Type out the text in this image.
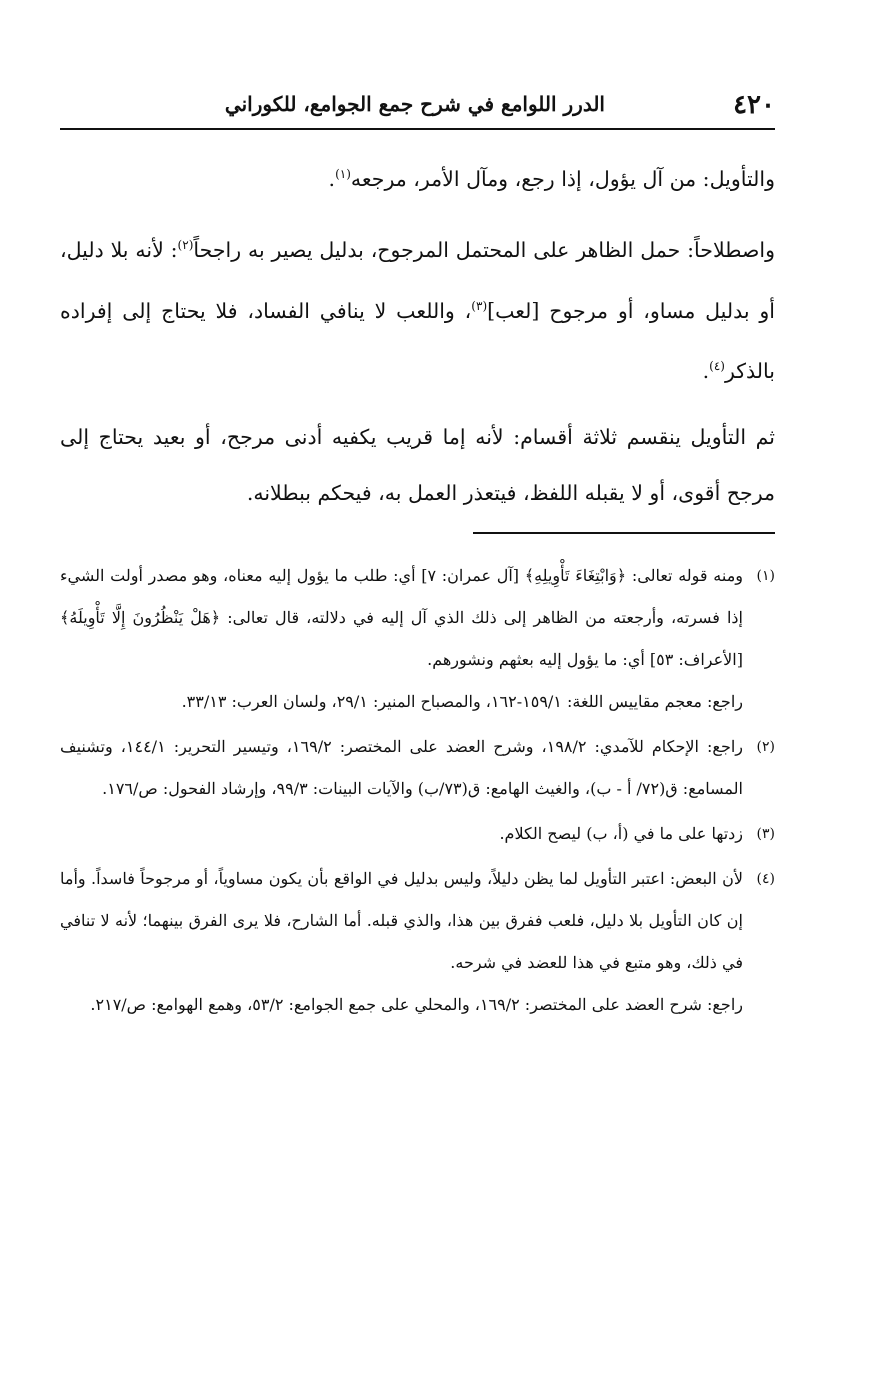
٤٢٠
الدرر اللوامع في شرح جمع الجوامع، للكوراني

والتأويل: من آل يؤول، إذا رجع، ومآل الأمر، مرجعه$^{(١)}$.

واصطلاحاً: حمل الظاهر على المحتمل المرجوح، بدليل يصير به راجحاً$^{(٢)}$: لأنه بلا دليل، أو بدليل مساو، أو مرجوح [لعب]$^{(٣)}$، واللعب لا ينافي الفساد، فلا يحتاج إلى إفراده بالذكر$^{(٤)}$.

ثم التأويل ينقسم ثلاثة أقسام: لأنه إما قريب يكفيه أدنى مرجح، أو بعيد يحتاج إلى مرجح أقوى، أو لا يقبله اللفظ، فيتعذر العمل به، فيحكم ببطلانه.

(١)

ومنه قوله تعالى: ﴿وَابْتِغَاءَ تَأْوِيلِهِ﴾ [آل عمران: ٧] أي: طلب ما يؤول إليه معناه، وهو مصدر أولت الشيء إذا فسرته، وأرجعته من الظاهر إلى ذلك الذي آل إليه في دلالته، قال تعالى: ﴿هَلْ يَنْظُرُونَ إِلَّا تَأْوِيلَهُ﴾ [الأعراف: ٥٣] أي: ما يؤول إليه بعثهم ونشورهم.

راجع: معجم مقاييس اللغة: ١٥٩/١-١٦٢، والمصباح المنير: ٢٩/١، ولسان العرب: ٣٣/١٣.

(٢)

راجع: الإحكام للآمدي: ١٩٨/٢، وشرح العضد على المختصر: ١٦٩/٢، وتيسير التحرير: ١٤٤/١، وتشنيف المسامع: ق(٧٢/ أ - ب)، والغيث الهامع: ق(٧٣/ب) والآيات البينات: ٩٩/٣، وإرشاد الفحول: ص/١٧٦.

(٣)

زدتها على ما في (أ، ب) ليصح الكلام.

(٤)

لأن البعض: اعتبر التأويل لما يظن دليلاً، وليس بدليل في الواقع بأن يكون مساوياً، أو مرجوحاً فاسداً. وأما إن كان التأويل بلا دليل، فلعب ففرق بين هذا، والذي قبله. أما الشارح، فلا يرى الفرق بينهما؛ لأنه لا تنافي في ذلك، وهو متبع في هذا للعضد في شرحه.

راجع: شرح العضد على المختصر: ١٦٩/٢، والمحلي على جمع الجوامع: ٥٣/٢، وهمع الهوامع: ص/٢١٧.
